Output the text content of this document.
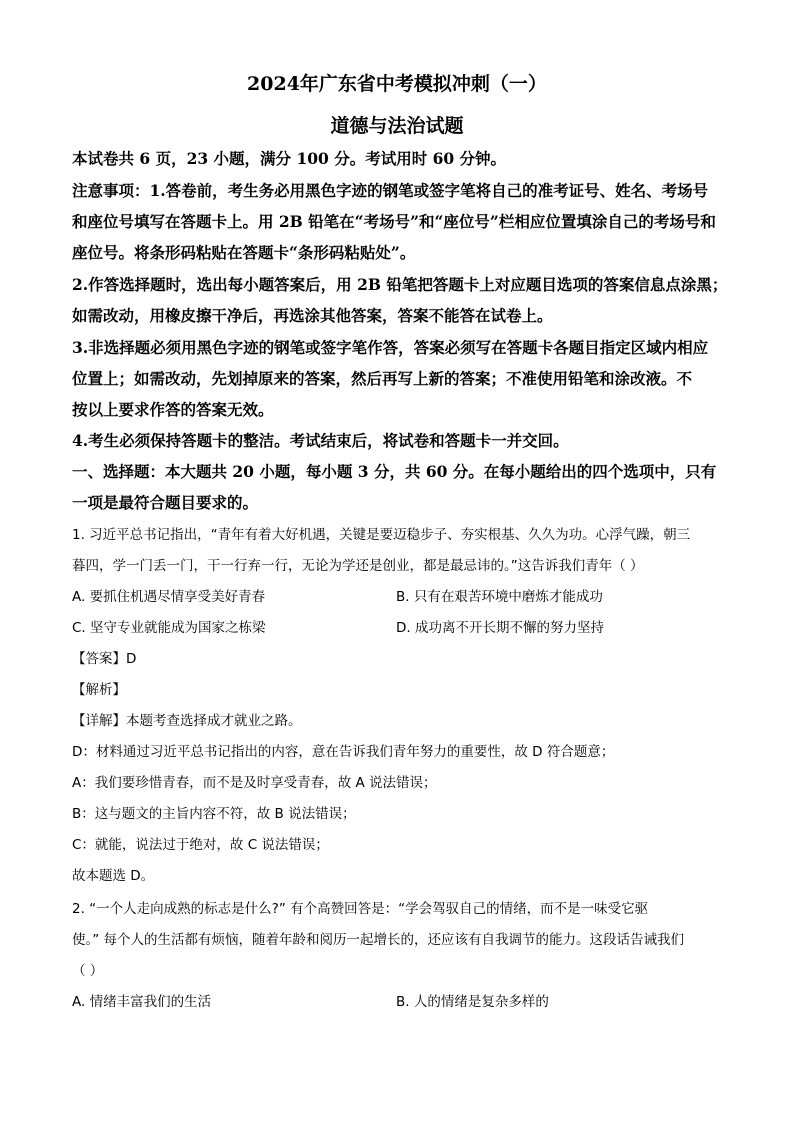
2024年广东省中考模拟冲刺（一）
道德与法治试题
本试卷共 6 页，23 小题，满分 100 分。考试用时 60 分钟。
注意事项：1.答卷前，考生务必用黑色字迹的钢笔或签字笔将自己的准考证号、姓名、考场号
和座位号填写在答题卡上。用 2B 铅笔在“考场号”和“座位号”栏相应位置填涂自己的考场号和
座位号。将条形码粘贴在答题卡“条形码粘贴处”。
2.作答选择题时，选出每小题答案后，用 2B 铅笔把答题卡上对应题目选项的答案信息点涂黑；
如需改动，用橡皮擦干净后，再选涂其他答案，答案不能答在试卷上。
3.非选择题必须用黑色字迹的钢笔或签字笔作答，答案必须写在答题卡各题目指定区域内相应
位置上；如需改动，先划掉原来的答案，然后再写上新的答案；不准使用铅笔和涂改液。不
按以上要求作答的答案无效。
4.考生必须保持答题卡的整洁。考试结束后，将试卷和答题卡一并交回。
一、选择题：本大题共 20 小题，每小题 3 分，共 60 分。在每小题给出的四个选项中，只有
一项是最符合题目要求的。
1. 习近平总书记指出，“青年有着大好机遇，关键是要迈稳步子、夯实根基、久久为功。心浮气躁，朝三
暮四，学一门丢一门，干一行弃一行，无论为学还是创业，都是最忌讳的。”这告诉我们青年（ ）
A. 要抓住机遇尽情享受美好青春	B. 只有在艰苦环境中磨炼才能成功
C. 坚守专业就能成为国家之栋梁	D. 成功离不开长期不懈的努力坚持
【答案】D
【解析】
【详解】本题考查选择成才就业之路。
D：材料通过习近平总书记指出的内容，意在告诉我们青年努力的重要性，故 D 符合题意；
A：我们要珍惜青春，而不是及时享受青春，故 A 说法错误；
B：这与题文的主旨内容不符，故 B 说法错误；
C：就能，说法过于绝对，故 C 说法错误；
故本题选 D。
2. “一个人走向成熟的标志是什么?” 有个高赞回答是：“学会驾驭自己的情绪，而不是一味受它驱
使。” 每个人的生活都有烦恼，随着年龄和阅历一起增长的，还应该有自我调节的能力。这段话告诫我们
（ ）
A. 情绪丰富我们的生活	B. 人的情绪是复杂多样的
